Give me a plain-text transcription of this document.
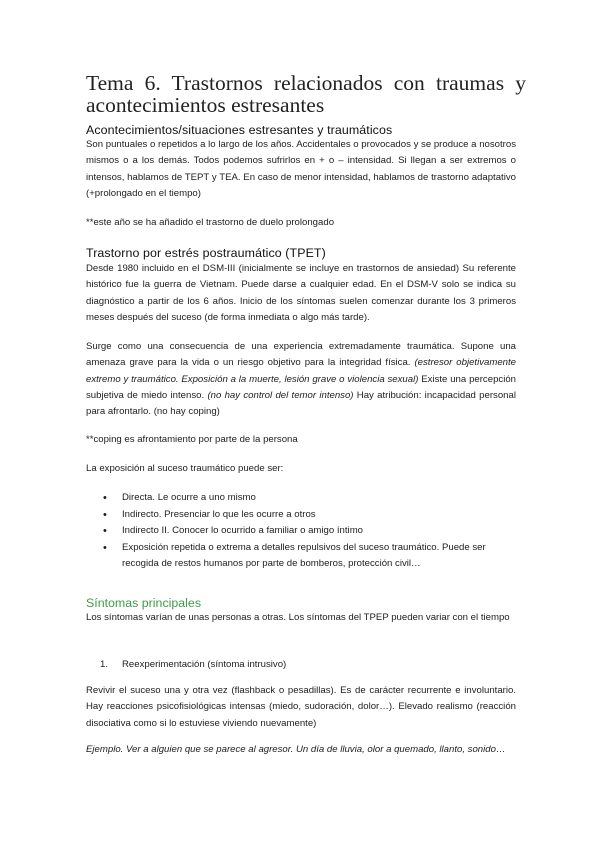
Tema 6. Trastornos relacionados con traumas y acontecimientos estresantes
Acontecimientos/situaciones estresantes y traumáticos

Son puntuales o repetidos a lo largo de los años. Accidentales o provocados y se produce a nosotros mismos o a los demás. Todos podemos sufrirlos en + o – intensidad. Si llegan a ser extremos o intensos, hablamos de TEPT y TEA. En caso de menor intensidad, hablamos de trastorno adaptativo (+prolongado en el tiempo)

**este año se ha añadido el trastorno de duelo prolongado

Trastorno por estrés postraumático (TPET)

Desde 1980 incluido en el DSM-III (inicialmente se incluye en trastornos de ansiedad) Su referente histórico fue la guerra de Vietnam. Puede darse a cualquier edad. En el DSM-V solo se indica su diagnóstico a partir de los 6 años. Inicio de los síntomas suelen comenzar durante los 3 primeros meses después del suceso (de forma inmediata o algo más tarde).

Surge como una consecuencia de una experiencia extremadamente traumática. Supone una amenaza grave para la vida o un riesgo objetivo para la integridad física. (estresor objetivamente extremo y traumático. Exposición a la muerte, lesión grave o violencia sexual) Existe una percepción subjetiva de miedo intenso. (no hay control del temor intenso) Hay atribución: incapacidad personal para afrontarlo. (no hay coping)

**coping es afrontamiento por parte de la persona

La exposición al suceso traumático puede ser:

• Directa. Le ocurre a uno mismo
• Indirecto. Presenciar lo que les ocurre a otros
• Indirecto II. Conocer lo ocurrido a familiar o amigo íntimo
• Exposición repetida o extrema a detalles repulsivos del suceso traumático. Puede ser recogida de restos humanos por parte de bomberos, protección civil…
Síntomas principales

Los síntomas varían de unas personas a otras. Los síntomas del TPEP pueden variar con el tiempo

1. Reexperimentación (síntoma intrusivo)

Revivir el suceso una y otra vez (flashback o pesadillas). Es de carácter recurrente e involuntario. Hay reacciones psicofisiológicas intensas (miedo, sudoración, dolor…). Elevado realismo (reacción disociativa como si lo estuviese viviendo nuevamente)

Ejemplo. Ver a alguien que se parece al agresor. Un día de lluvia, olor a quemado, llanto, sonido…
